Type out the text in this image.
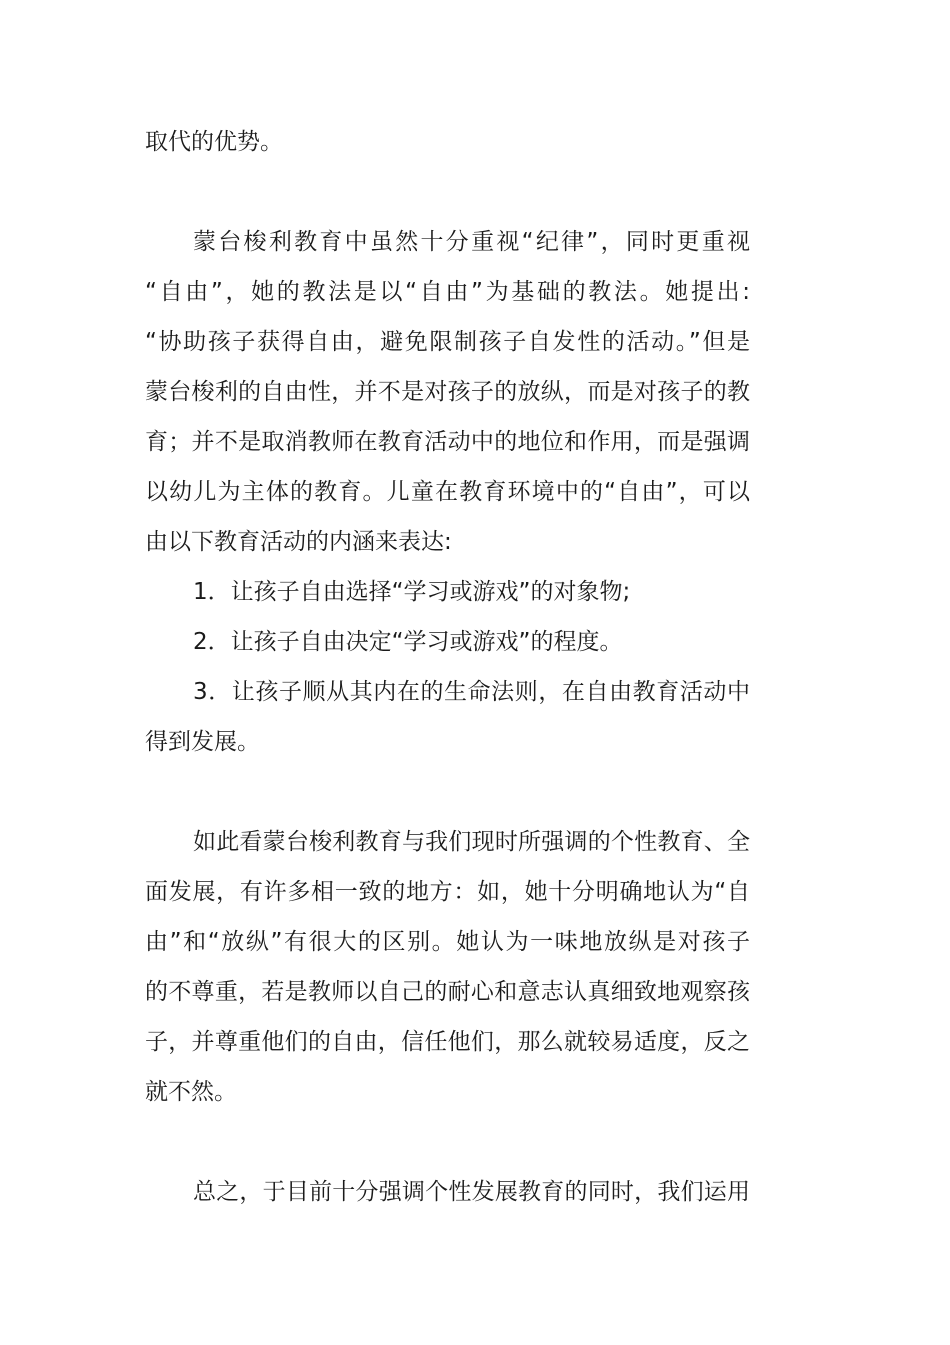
取代的优势。
蒙台梭利教育中虽然十分重视“纪律”，同时更重视
“自由”，她的教法是以“自由”为基础的教法。她提出:
“协助孩子获得自由，避免限制孩子自发性的活动。”但是
蒙台梭利的自由性，并不是对孩子的放纵，而是对孩子的教
育；并不是取消教师在教育活动中的地位和作用，而是强调
以幼儿为主体的教育。儿童在教育环境中的“自由”，可以
由以下教育活动的内涵来表达:
1．让孩子自由选择“学习或游戏”的对象物;
2．让孩子自由决定“学习或游戏”的程度。
3．让孩子顺从其内在的生命法则，在自由教育活动中
得到发展。
如此看蒙台梭利教育与我们现时所强调的个性教育、全
面发展，有许多相一致的地方：如，她十分明确地认为“自
由”和“放纵”有很大的区别。她认为一味地放纵是对孩子
的不尊重，若是教师以自己的耐心和意志认真细致地观察孩
子，并尊重他们的自由，信任他们，那么就较易适度，反之
就不然。
总之，于目前十分强调个性发展教育的同时，我们运用
